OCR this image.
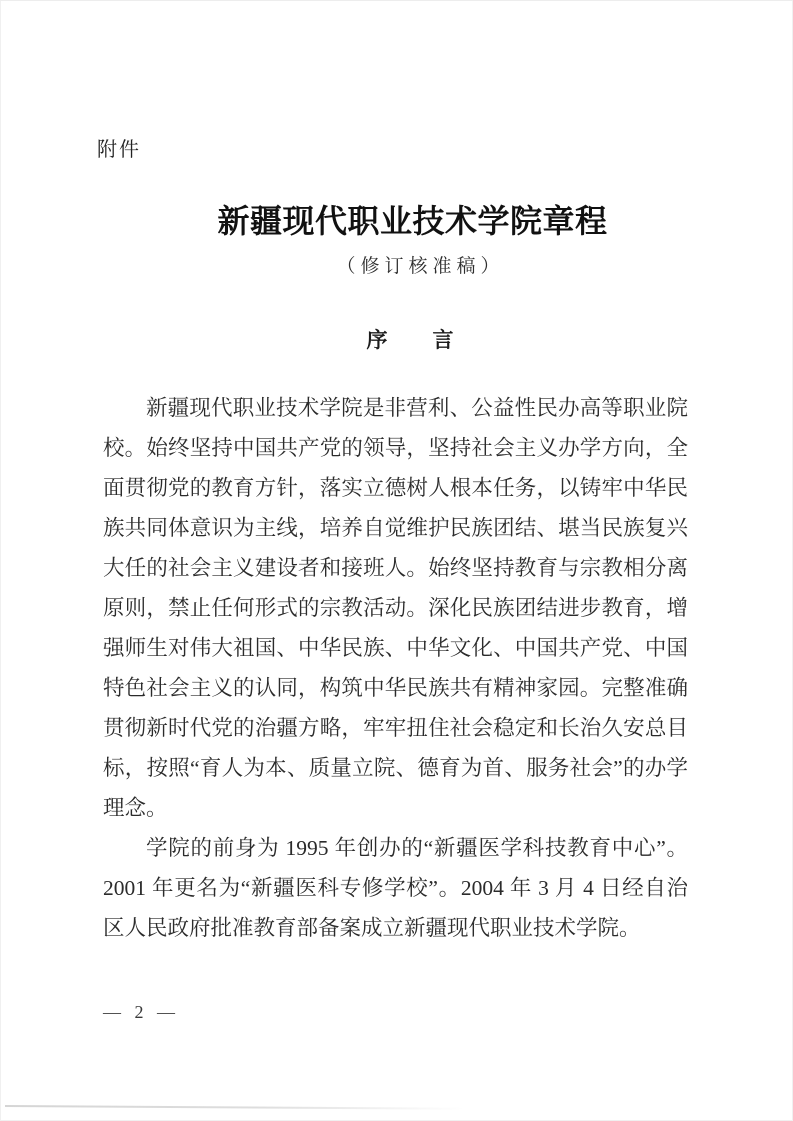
附件
新疆现代职业技术学院章程
（修订核准稿）
序　　言

新疆现代职业技术学院是非营利、公益性民办高等职业院校。始终坚持中国共产党的领导，坚持社会主义办学方向，全面贯彻党的教育方针，落实立德树人根本任务，以铸牢中华民族共同体意识为主线，培养自觉维护民族团结、堪当民族复兴大任的社会主义建设者和接班人。始终坚持教育与宗教相分离原则，禁止任何形式的宗教活动。深化民族团结进步教育，增强师生对伟大祖国、中华民族、中华文化、中国共产党、中国特色社会主义的认同，构筑中华民族共有精神家园。完整准确贯彻新时代党的治疆方略，牢牢扭住社会稳定和长治久安总目标，按照“育人为本、质量立院、德育为首、服务社会”的办学理念。

学院的前身为 1995 年创办的“新疆医学科技教育中心”。2001 年更名为“新疆医科专修学校”。2004 年 3 月 4 日经自治区人民政府批准教育部备案成立新疆现代职业技术学院。

— 2 —
